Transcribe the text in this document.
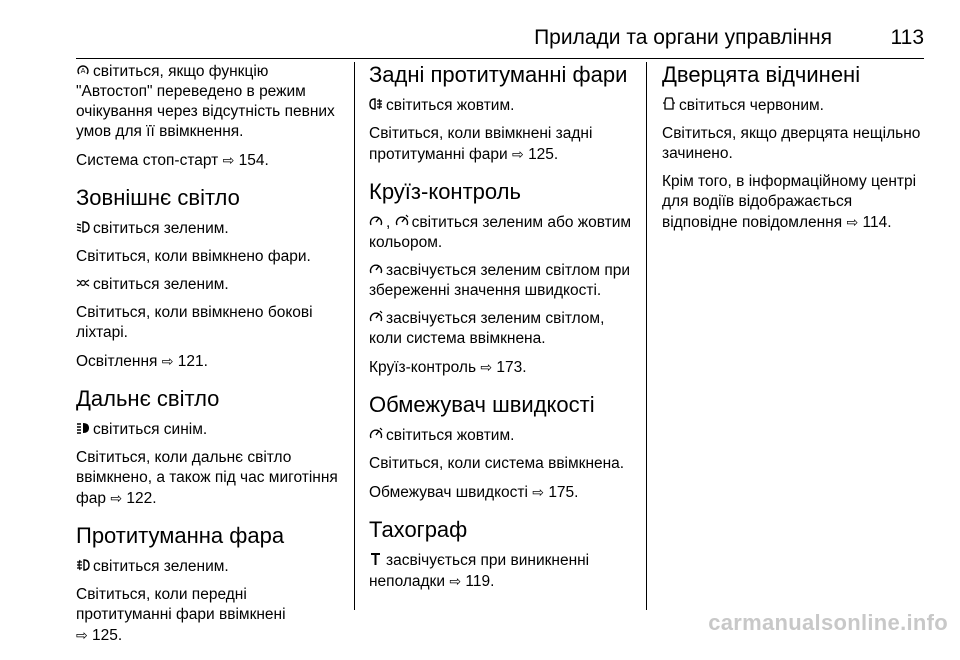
Прилади та органи управління	113

A світиться, якщо функцію "Автостоп" переведено в режим очікування через відсутність певних умов для її ввімкнення.

Система стоп-старт ⇨ 154.

Зовнішнє світло

світиться зеленим.

Світиться, коли ввімкнено фари.

світиться зеленим.

Світиться, коли ввімкнено бокові ліхтарі.

Освітлення ⇨ 121.

Дальнє світло

світиться синім.

Світиться, коли дальнє світло ввімкнено, а також під час миготіння фар ⇨ 122.

Протитуманна фара

світиться зеленим.

Світиться, коли передні протитуманні фари ввімкнені
⇨ 125.

Задні протитуманні фари

світиться жовтим.

Світиться, коли ввімкнені задні протитуманні фари ⇨ 125.

Круїз-контроль

,
світиться зеленим або жовтим кольором.

засвічується зеленим світлом при збереженні значення швидкості.

засвічується зеленим світлом, коли система ввімкнена.

Круїз-контроль ⇨ 173.

Обмежувач швидкості

світиться жовтим.

Світиться, коли система ввімкнена.

Обмежувач швидкості ⇨ 175.

Тахограф

засвічується при виникненні неполадки ⇨ 119.

Дверцята відчинені

світиться червоним.

Світиться, якщо дверцята нещільно зачинено.

Крім того, в інформаційному центрі для водіїв відображається відповідне повідомлення ⇨ 114.

carmanualsonline.info
